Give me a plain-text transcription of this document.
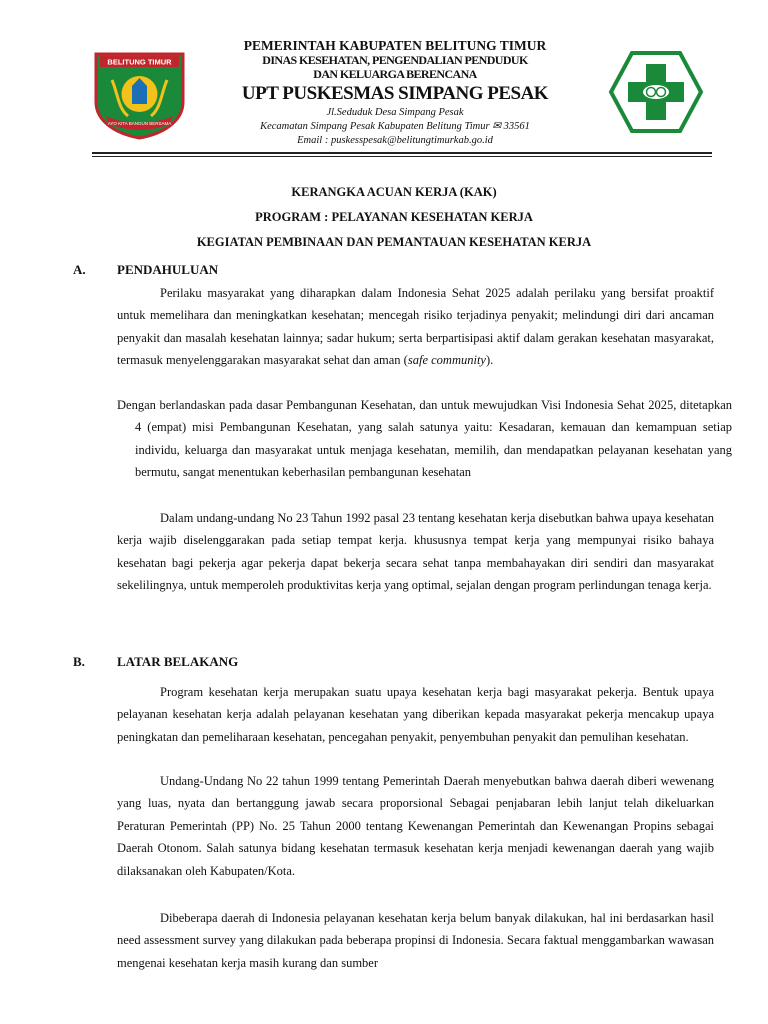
BELITUNG TIMUR
AYO KITA BANGUN BERSAMA
PEMERINTAH KABUPATEN BELITUNG TIMUR
DINAS KESEHATAN, PENGENDALIAN PENDUDUK
DAN KELUARGA BERENCANA
UPT PUSKESMAS SIMPANG PESAK
Jl.Seduduk Desa Simpang Pesak
Kecamatan Simpang Pesak Kabupaten Belitung Timur ✉ 33561
Email : puskesspesak@belitungtimurkab.go.id
KERANGKA ACUAN KERJA (KAK)
PROGRAM : PELAYANAN KESEHATAN KERJA
KEGIATAN PEMBINAAN DAN PEMANTAUAN KESEHATAN KERJA
A. PENDAHULUAN
Perilaku masyarakat yang diharapkan dalam Indonesia Sehat 2025 adalah perilaku yang bersifat proaktif untuk memelihara dan meningkatkan kesehatan; mencegah risiko terjadinya penyakit; melindungi diri dari ancaman penyakit dan masalah kesehatan lainnya; sadar hukum; serta berpartisipasi aktif dalam gerakan kesehatan masyarakat, termasuk menyelenggarakan masyarakat sehat dan aman (safe community).
Dengan berlandaskan pada dasar Pembangunan Kesehatan, dan untuk mewujudkan Visi Indonesia Sehat 2025, ditetapkan 4 (empat) misi Pembangunan Kesehatan, yang salah satunya yaitu: Kesadaran, kemauan dan kemampuan setiap individu, keluarga dan masyarakat untuk menjaga kesehatan, memilih, dan mendapatkan pelayanan kesehatan yang bermutu, sangat menentukan keberhasilan pembangunan kesehatan
Dalam undang-undang No 23 Tahun 1992 pasal 23 tentang kesehatan kerja disebutkan bahwa upaya kesehatan kerja wajib diselenggarakan pada setiap tempat kerja. khususnya tempat kerja yang mempunyai risiko bahaya kesehatan bagi pekerja agar pekerja dapat bekerja secara sehat tanpa membahayakan diri sendiri dan masyarakat sekelilingnya, untuk memperoleh produktivitas kerja yang optimal, sejalan dengan program perlindungan tenaga kerja.
B. LATAR BELAKANG
Program kesehatan kerja merupakan suatu upaya kesehatan kerja bagi masyarakat pekerja. Bentuk upaya pelayanan kesehatan kerja adalah pelayanan kesehatan yang diberikan kepada masyarakat pekerja mencakup upaya peningkatan dan pemeliharaan kesehatan, pencegahan penyakit, penyembuhan penyakit dan pemulihan kesehatan.
Undang-Undang No 22 tahun 1999 tentang Pemerintah Daerah menyebutkan bahwa daerah diberi wewenang yang luas, nyata dan bertanggung jawab secara proporsional Sebagai penjabaran lebih lanjut telah dikeluarkan Peraturan Pemerintah (PP) No. 25 Tahun 2000 tentang Kewenangan Pemerintah dan Kewenangan Propins sebagai Daerah Otonom. Salah satunya bidang kesehatan termasuk kesehatan kerja menjadi kewenangan daerah yang wajib dilaksanakan oleh Kabupaten/Kota.
Dibeberapa daerah di Indonesia pelayanan kesehatan kerja belum banyak dilakukan, hal ini berdasarkan hasil need assessment survey yang dilakukan pada beberapa propinsi di Indonesia. Secara faktual menggambarkan wawasan mengenai kesehatan kerja masih kurang dan sumber
